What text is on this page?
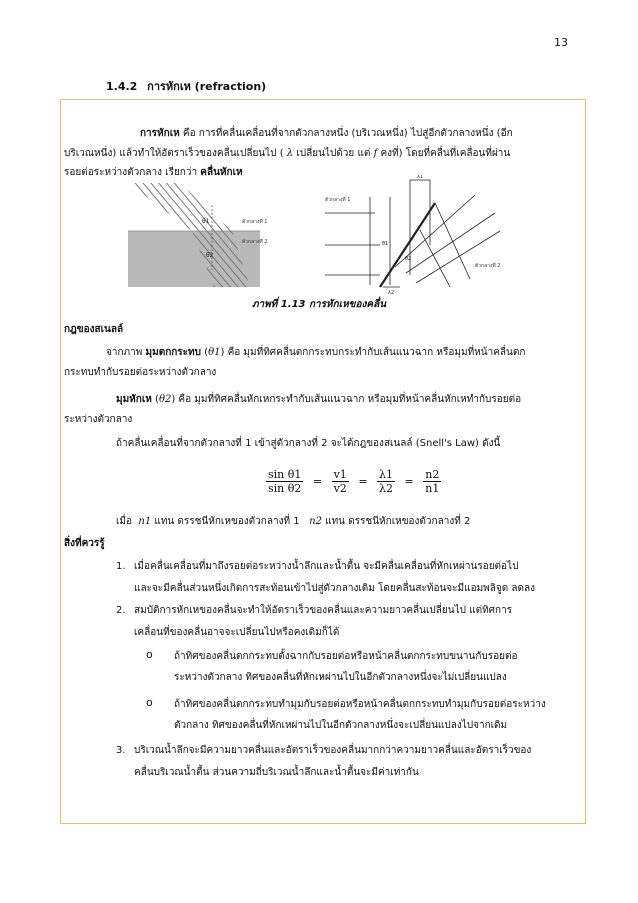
13
1.4.2 การหักเห (refraction)
การหักเห คือ การที่คลื่นเคลื่อนที่จากตัวกลางหนึ่ง (บริเวณหนึ่ง) ไปสู่อีกตัวกลางหนึ่ง (อีก
บริเวณหนึ่ง) แล้วทำให้อัตราเร็วของคลื่นเปลี่ยนไป ( λ เปลี่ยนไปด้วย แต่ f คงที่) โดยที่คลื่นที่เคลื่อนที่ผ่าน
รอยต่อระหว่างตัวกลาง เรียกว่า คลื่นหักเห
θ1
θ2
ตัวกลางที่ 1
ตัวกลางที่ 2
ตัวกลางที่ 1
ตัวกลางที่ 2
λ1
λ2
θ1
θ2
ภาพที่ 1.13 การหักเหของคลื่น
กฎของสเนลล์
จากภาพ มุมตกกระทบ (θ1) คือ มุมที่ทิศคลื่นตกกระทบกระทำกับเส้นแนวฉาก หรือมุมที่หน้าคลื่นตก
กระทบทำกับรอยต่อระหว่างตัวกลาง
มุมหักเห (θ2) คือ มุมที่ทิศคลื่นหักเหกระทำกับเส้นแนวฉาก หรือมุมที่หน้าคลื่นหักเหทำกับรอยต่อ
ระหว่างตัวกลาง
ถ้าคลื่นเคลื่อนที่จากตัวกลางที่ 1 เข้าสู่ตัวกลางที่ 2 จะได้กฎของสเนลล์ (Snell's Law) ดังนี้
$\frac{\text{sin θ1}}{\text{sin θ2}} = \frac{v1}{v2} = \frac{\lambda 1}{\lambda 2} = \frac{n2}{n1}$
เมื่อ n1 แทน ดรรชนีหักเหของตัวกลางที่ 1 n2 แทน ดรรชนีหักเหของตัวกลางที่ 2
สิ่งที่ควรรู้
1. เมื่อคลื่นเคลื่อนที่มาถึงรอยต่อระหว่างน้ำลึกและน้ำตื้น จะมีคลื่นเคลื่อนที่หักเหผ่านรอยต่อไป
และจะมีคลื่นส่วนหนึ่งเกิดการสะท้อนเข้าไปสู่ตัวกลางเดิม โดยคลื่นสะท้อนจะมีแอมพลิจูด ลดลง
2. สมบัติการหักเหของคลื่นจะทำให้อัตราเร็วของคลื่นและความยาวคลื่นเปลี่ยนไป แต่ทิศการ
เคลื่อนที่ของคลื่นอาจจะเปลี่ยนไปหรือคงเดิมก็ได้
o ถ้าทิศของคลื่นตกกระทบตั้งฉากกับรอยต่อหรือหน้าคลื่นตกกระทบขนานกับรอยต่อ
ระหว่างตัวกลาง ทิศของคลื่นที่หักเหผ่านไปในอีกตัวกลางหนึ่งจะไม่เปลี่ยนแปลง
o ถ้าทิศของคลื่นตกกระทบทำมุมกับรอยต่อหรือหน้าคลื่นตกกระทบทำมุมกับรอยต่อระหว่าง
ตัวกลาง ทิศของคลื่นที่หักเหผ่านไปในอีกตัวกลางหนึ่งจะเปลี่ยนแปลงไปจากเดิม
3. บริเวณน้ำลึกจะมีความยาวคลื่นและอัตราเร็วของคลื่นมากกว่าความยาวคลื่นและอัตราเร็วของ
คลื่นบริเวณน้ำตื้น ส่วนความถี่บริเวณน้ำลึกและน้ำตื้นจะมีค่าเท่ากัน
